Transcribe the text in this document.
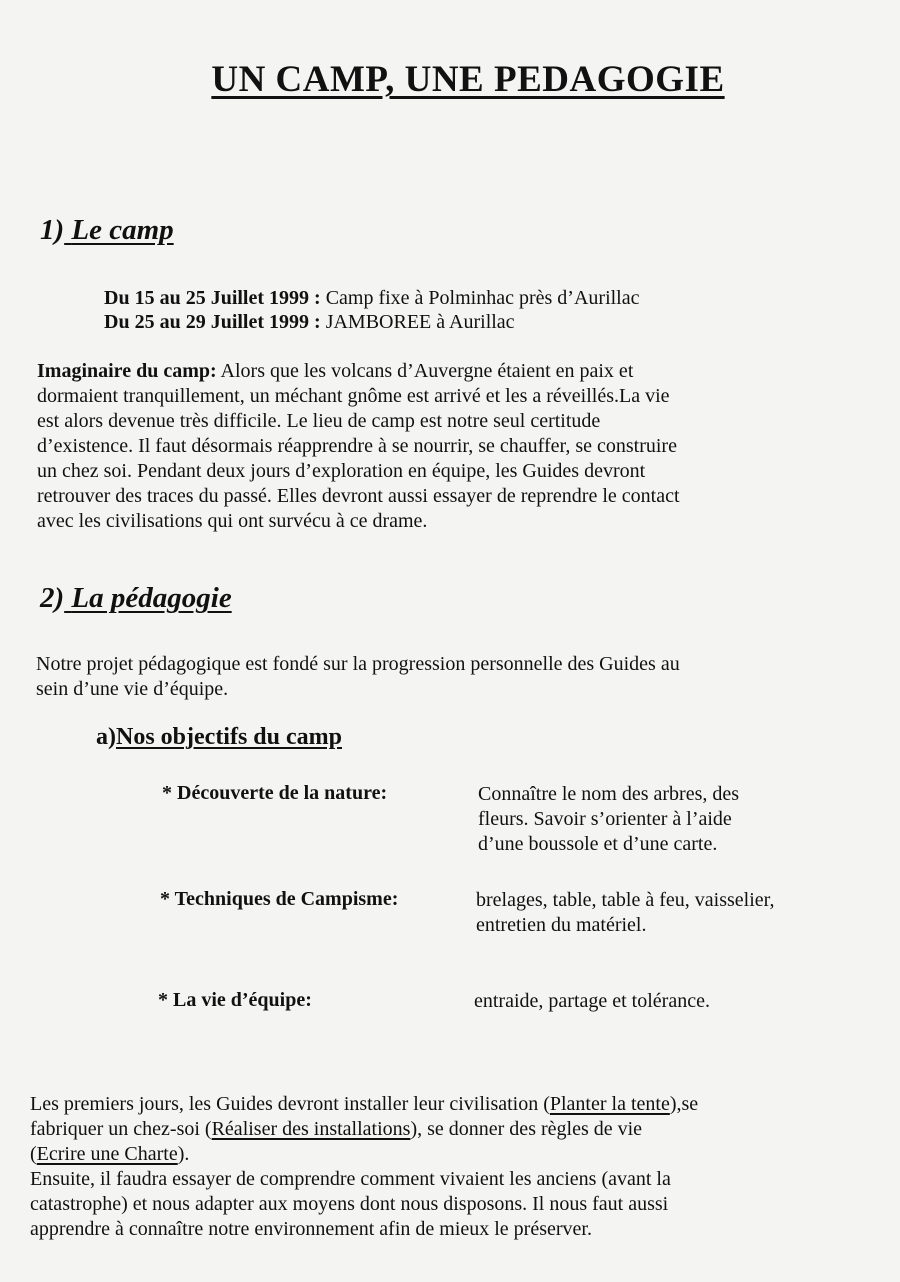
UN CAMP, UNE PEDAGOGIE
1) Le camp
Du 15 au 25 Juillet 1999 : Camp fixe à Polminhac près d’Aurillac
Du 25 au 29 Juillet 1999 : JAMBOREE à Aurillac
Imaginaire du camp: Alors que les volcans d’Auvergne étaient en paix et
dormaient tranquillement, un méchant gnôme est arrivé et les a réveillés.La vie
est alors devenue très difficile. Le lieu de camp est notre seul certitude
d’existence. Il faut désormais réapprendre à se nourrir, se chauffer, se construire
un chez soi. Pendant deux jours d’exploration en équipe, les Guides devront
retrouver des traces du passé. Elles devront aussi essayer de reprendre le contact
avec les civilisations qui ont survécu à ce drame.
2) La pédagogie
Notre projet pédagogique est fondé sur la progression personnelle des Guides au
sein d’une vie d’équipe.
a)Nos objectifs du camp
* Découverte de la nature:	Connaître le nom des arbres, des
fleurs. Savoir s’orienter à l’aide
d’une boussole et d’une carte.
* Techniques de Campisme:	brelages, table, table à feu, vaisselier,
entretien du matériel.
* La vie d’équipe:	entraide, partage et tolérance.
Les premiers jours, les Guides devront installer leur civilisation (Planter la tente),se
fabriquer un chez-soi (Réaliser des installations), se donner des règles de vie
(Ecrire une Charte).
Ensuite, il faudra essayer de comprendre comment vivaient les anciens (avant la
catastrophe) et nous adapter aux moyens dont nous disposons. Il nous faut aussi
apprendre à connaître notre environnement afin de mieux le préserver.
